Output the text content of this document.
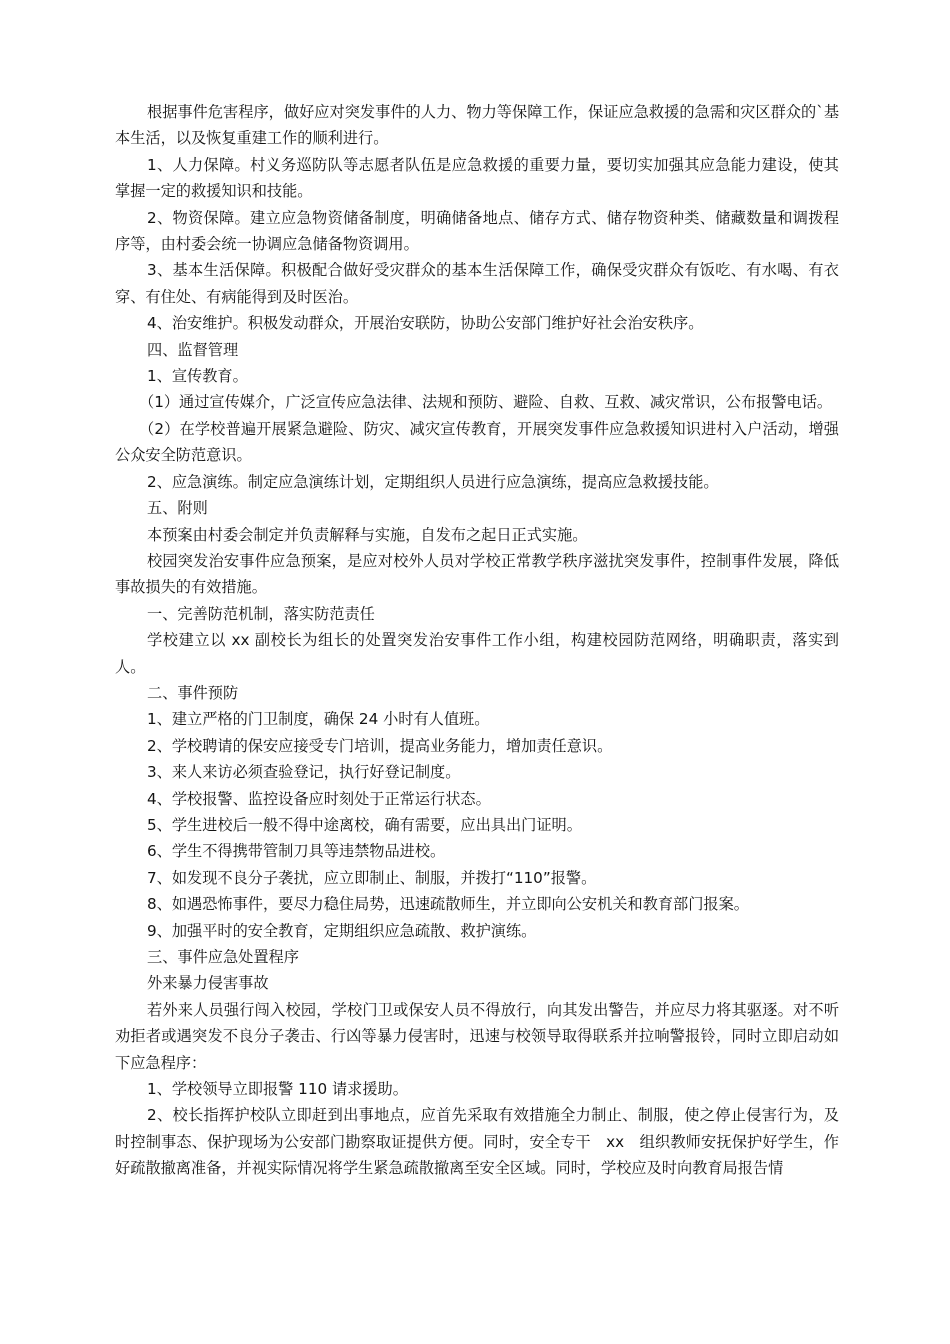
根据事件危害程序，做好应对突发事件的人力、物力等保障工作，保证应急救援的急需和灾区群众的`基本生活，以及恢复重建工作的顺利进行。

1、人力保障。村义务巡防队等志愿者队伍是应急救援的重要力量，要切实加强其应急能力建设，使其掌握一定的救援知识和技能。

2、物资保障。建立应急物资储备制度，明确储备地点、储存方式、储存物资种类、储藏数量和调拨程序等，由村委会统一协调应急储备物资调用。

3、基本生活保障。积极配合做好受灾群众的基本生活保障工作，确保受灾群众有饭吃、有水喝、有衣穿、有住处、有病能得到及时医治。

4、治安维护。积极发动群众，开展治安联防，协助公安部门维护好社会治安秩序。

四、监督管理

1、宣传教育。

（1）通过宣传媒介，广泛宣传应急法律、法规和预防、避险、自救、互救、减灾常识，公布报警电话。

（2）在学校普遍开展紧急避险、防灾、减灾宣传教育，开展突发事件应急救援知识进村入户活动，增强公众安全防范意识。

2、应急演练。制定应急演练计划，定期组织人员进行应急演练，提高应急救援技能。

五、附则

本预案由村委会制定并负责解释与实施，自发布之起日正式实施。

校园突发治安事件应急预案，是应对校外人员对学校正常教学秩序滋扰突发事件，控制事件发展，降低事故损失的有效措施。

一、完善防范机制，落实防范责任

学校建立以 xx 副校长为组长的处置突发治安事件工作小组，构建校园防范网络，明确职责，落实到人。

二、事件预防

1、建立严格的门卫制度，确保 24 小时有人值班。

2、学校聘请的保安应接受专门培训，提高业务能力，增加责任意识。

3、来人来访必须查验登记，执行好登记制度。

4、学校报警、监控设备应时刻处于正常运行状态。

5、学生进校后一般不得中途离校，确有需要，应出具出门证明。

6、学生不得携带管制刀具等违禁物品进校。

7、如发现不良分子袭扰，应立即制止、制服，并拨打“110”报警。

8、如遇恐怖事件，要尽力稳住局势，迅速疏散师生，并立即向公安机关和教育部门报案。

9、加强平时的安全教育，定期组织应急疏散、救护演练。

三、事件应急处置程序

外来暴力侵害事故

若外来人员强行闯入校园，学校门卫或保安人员不得放行，向其发出警告，并应尽力将其驱逐。对不听劝拒者或遇突发不良分子袭击、行凶等暴力侵害时，迅速与校领导取得联系并拉响警报铃，同时立即启动如下应急程序：

1、学校领导立即报警 110 请求援助。

2、校长指挥护校队立即赶到出事地点，应首先采取有效措施全力制止、制服，使之停止侵害行为，及时控制事态、保护现场为公安部门勘察取证提供方便。同时，安全专干　xx　组织教师安抚保护好学生，作好疏散撤离准备，并视实际情况将学生紧急疏散撤离至安全区域。同时，学校应及时向教育局报告情
